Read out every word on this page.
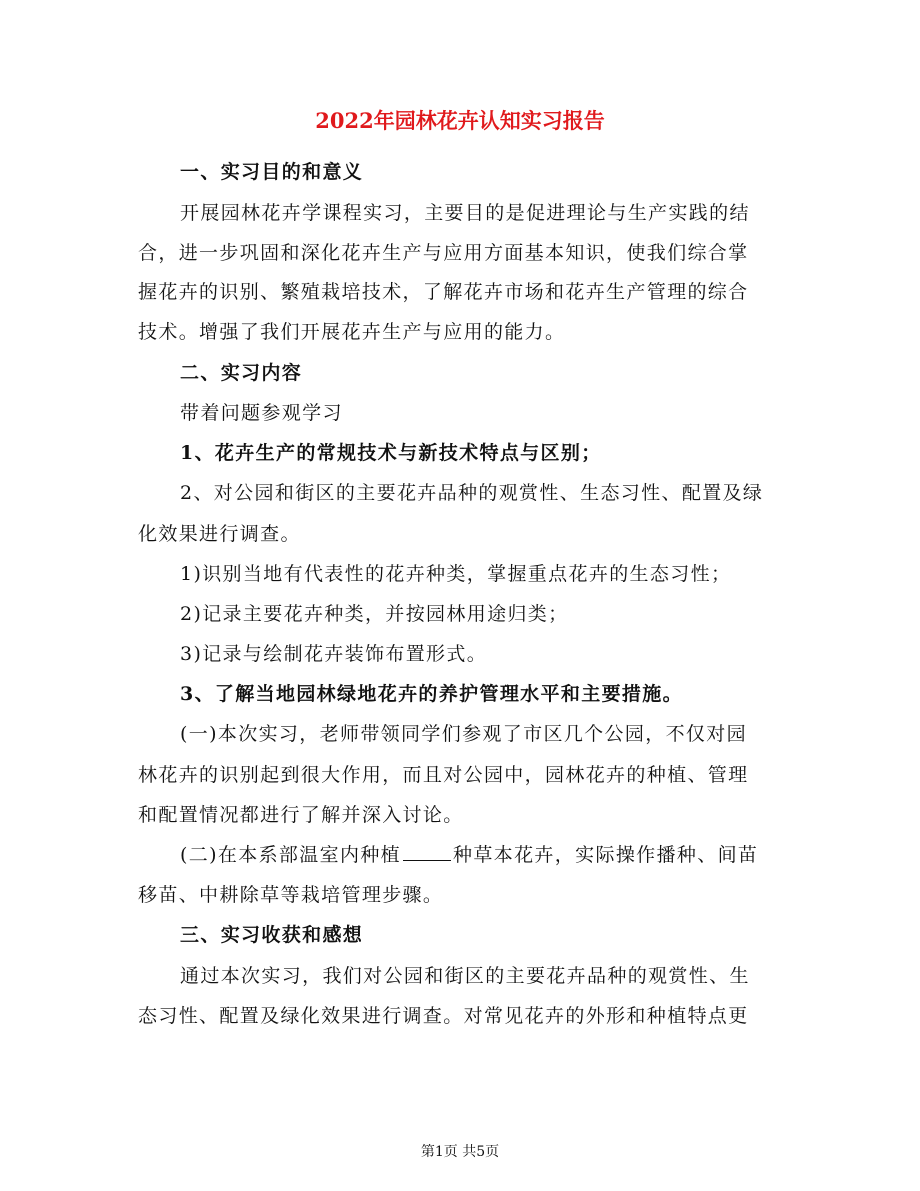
2022年园林花卉认知实习报告
一、实习目的和意义
开展园林花卉学课程实习，主要目的是促进理论与生产实践的结
合，进一步巩固和深化花卉生产与应用方面基本知识，使我们综合掌
握花卉的识别、繁殖栽培技术，了解花卉市场和花卉生产管理的综合
技术。增强了我们开展花卉生产与应用的能力。
二、实习内容
带着问题参观学习
1、花卉生产的常规技术与新技术特点与区别；
2、对公园和街区的主要花卉品种的观赏性、生态习性、配置及绿
化效果进行调查。
1)识别当地有代表性的花卉种类，掌握重点花卉的生态习性；
2)记录主要花卉种类，并按园林用途归类；
3)记录与绘制花卉装饰布置形式。
3、了解当地园林绿地花卉的养护管理水平和主要措施。
(一)本次实习，老师带领同学们参观了市区几个公园，不仅对园
林花卉的识别起到很大作用，而且对公园中，园林花卉的种植、管理
和配置情况都进行了解并深入讨论。
(二)在本系部温室内种植	种草本花卉，实际操作播种、间苗
移苗、中耕除草等栽培管理步骤。
三、实习收获和感想
通过本次实习，我们对公园和街区的主要花卉品种的观赏性、生
态习性、配置及绿化效果进行调查。对常见花卉的外形和种植特点更
第1页 共5页
